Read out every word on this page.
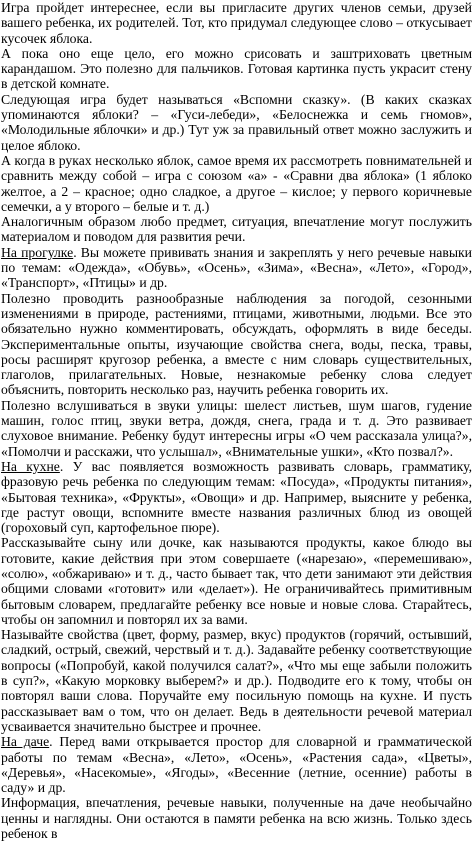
Игра пройдет интереснее, если вы пригласите других членов семьи, друзей вашего ребенка, их родителей. Тот, кто придумал следующее слово – откусывает кусочек яблока.

А пока оно еще цело, его можно срисовать и заштриховать цветным карандашом. Это полезно для пальчиков. Готовая картинка пусть украсит стену в детской комнате.

Следующая игра будет называться «Вспомни сказку». (В каких сказках упоминаются яблоки? – «Гуси-лебеди», «Белоснежка и семь гномов», «Молодильные яблочки» и др.) Тут уж за правильный ответ можно заслужить и целое яблоко.

А когда в руках несколько яблок, самое время их рассмотреть повнимательней и сравнить между собой – игра с союзом «а» - «Сравни два яблока» (1 яблоко желтое, а 2 – красное; одно сладкое, а другое – кислое; у первого коричневые семечки, а у второго – белые и т. д.)

Аналогичным образом любо предмет, ситуация, впечатление могут послужить материалом и поводом для развития речи.

На прогулке. Вы можете прививать знания и закреплять у него речевые навыки по темам: «Одежда», «Обувь», «Осень», «Зима», «Весна», «Лето», «Город», «Транспорт», «Птицы» и др.

Полезно проводить разнообразные наблюдения за погодой, сезонными изменениями в природе, растениями, птицами, животными, людьми. Все это обязательно нужно комментировать, обсуждать, оформлять в виде беседы. Экспериментальные опыты, изучающие свойства снега, воды, песка, травы, росы расширят кругозор ребенка, а вместе с ним словарь существительных, глаголов, прилагательных. Новые, незнакомые ребенку слова следует объяснить, повторить несколько раз, научить ребенка говорить их.

Полезно вслушиваться в звуки улицы: шелест листьев, шум шагов, гудение машин, голос птиц, звуки ветра, дождя, снега, града и т. д. Это развивает слуховое внимание. Ребенку будут интересны игры «О чем рассказала улица?», «Помолчи и расскажи, что услышал», «Внимательные ушки», «Кто позвал?».

На кухне. У вас появляется возможность развивать словарь, грамматику, фразовую речь ребенка по следующим темам: «Посуда», «Продукты питания», «Бытовая техника», «Фрукты», «Овощи» и др. Например, выясните у ребенка, где растут овощи, вспомните вместе названия различных блюд из овощей (гороховый суп, картофельное пюре).

Рассказывайте сыну или дочке, как называются продукты, какое блюдо вы готовите, какие действия при этом совершаете («нарезаю», «перемешиваю», «солю», «обжариваю» и т. д., часто бывает так, что дети занимают эти действия общими словами «готовит» или «делает»). Не ограничивайтесь примитивным бытовым словарем, предлагайте ребенку все новые и новые слова. Старайтесь, чтобы он запомнил и повторял их за вами.

Называйте свойства (цвет, форму, размер, вкус) продуктов (горячий, остывший, сладкий, острый, свежий, черствый и т. д.). Задавайте ребенку соответствующие вопросы («Попробуй, какой получился салат?», «Что мы еще забыли положить в суп?», «Какую морковку выберем?» и др.). Подводите его к тому, чтобы он повторял ваши слова. Поручайте ему посильную помощь на кухне. И пусть рассказывает вам о том, что он делает. Ведь в деятельности речевой материал усваивается значительно быстрее и прочнее.

На даче. Перед вами открывается простор для словарной и грамматической работы по темам «Весна», «Лето», «Осень», «Растения сада», «Цветы», «Деревья», «Насекомые», «Ягоды», «Весенние (летние, осенние) работы в саду» и др.

Информация, впечатления, речевые навыки, полученные на даче необычайно ценны и наглядны. Они остаются в памяти ребенка на всю жизнь. Только здесь ребенок в
